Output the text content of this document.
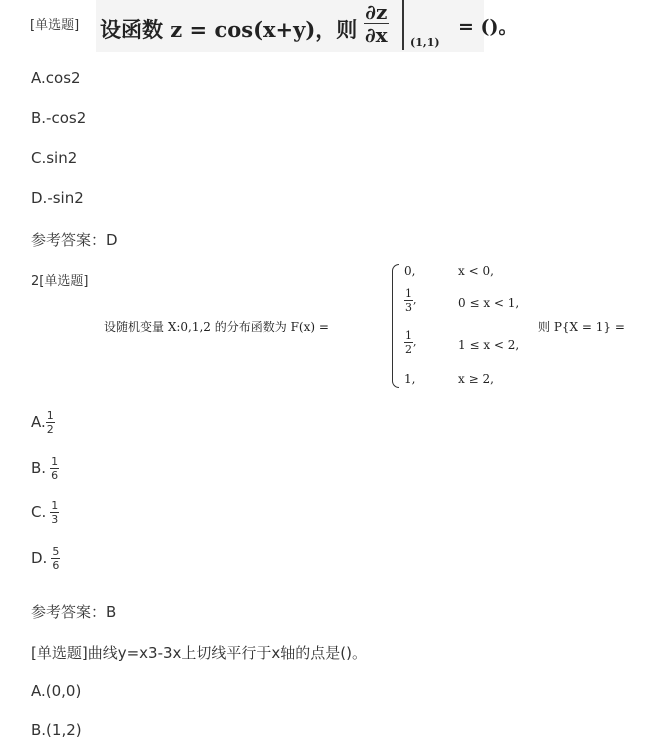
[单选题] 设函数 z = cos(x+y)，则 $\frac{\partial z}{\partial x} (1,1)$
= ()。
A.cos2
B.-cos2
C.sin2
D.-sin2
参考答案：D
2[单选题]
设随机变量 X:0,1,2 的分布函数为 F(x) =
0,	x < 0,
$\frac{1}{3}$ ,	0 ≤ x < 1,
$\frac{1}{2}$ ,	1 ≤ x < 2,
1,	x ≥ 2,
则 P{X = 1} =
A. $\frac{1}{2}$
B. $\frac{1}{6}$
C. $\frac{1}{3}$
D. $\frac{5}{6}$
参考答案：B
[单选题]曲线y=x3-3x上切线平行于x轴的点是()。
A.(0,0)
B.(1,2)
